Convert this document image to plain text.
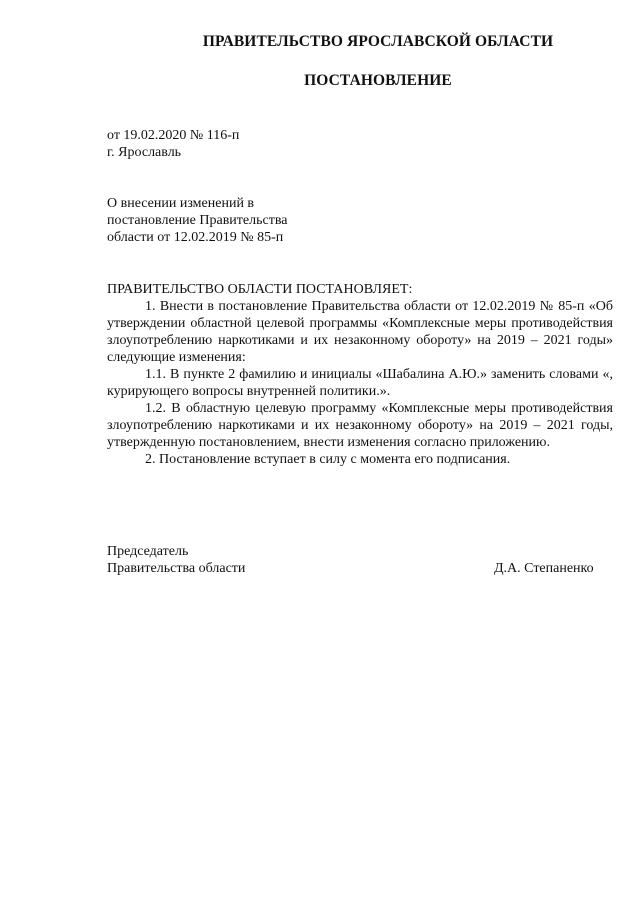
ПРАВИТЕЛЬСТВО ЯРОСЛАВСКОЙ ОБЛАСТИ
ПОСТАНОВЛЕНИЕ
от 19.02.2020 № 116-п
г. Ярославль
О внесении изменений в
постановление Правительства
области от 12.02.2019 № 85-п

ПРАВИТЕЛЬСТВО ОБЛАСТИ ПОСТАНОВЛЯЕТ:

1. Внести в постановление Правительства области от 12.02.2019 № 85-п «Об утверждении областной целевой программы «Комплексные меры противодействия злоупотреблению наркотиками и их незаконному обороту» на 2019 – 2021 годы» следующие изменения:

1.1. В пункте 2 фамилию и инициалы «Шабалина А.Ю.» заменить словами «, курирующего вопросы внутренней политики.».

1.2. В областную целевую программу «Комплексные меры противодействия злоупотреблению наркотиками и их незаконному обороту» на 2019 – 2021 годы, утвержденную постановлением, внести изменения согласно приложению.

2. Постановление вступает в силу с момента его подписания.

Председатель
Правительства области	Д.А. Степаненко
